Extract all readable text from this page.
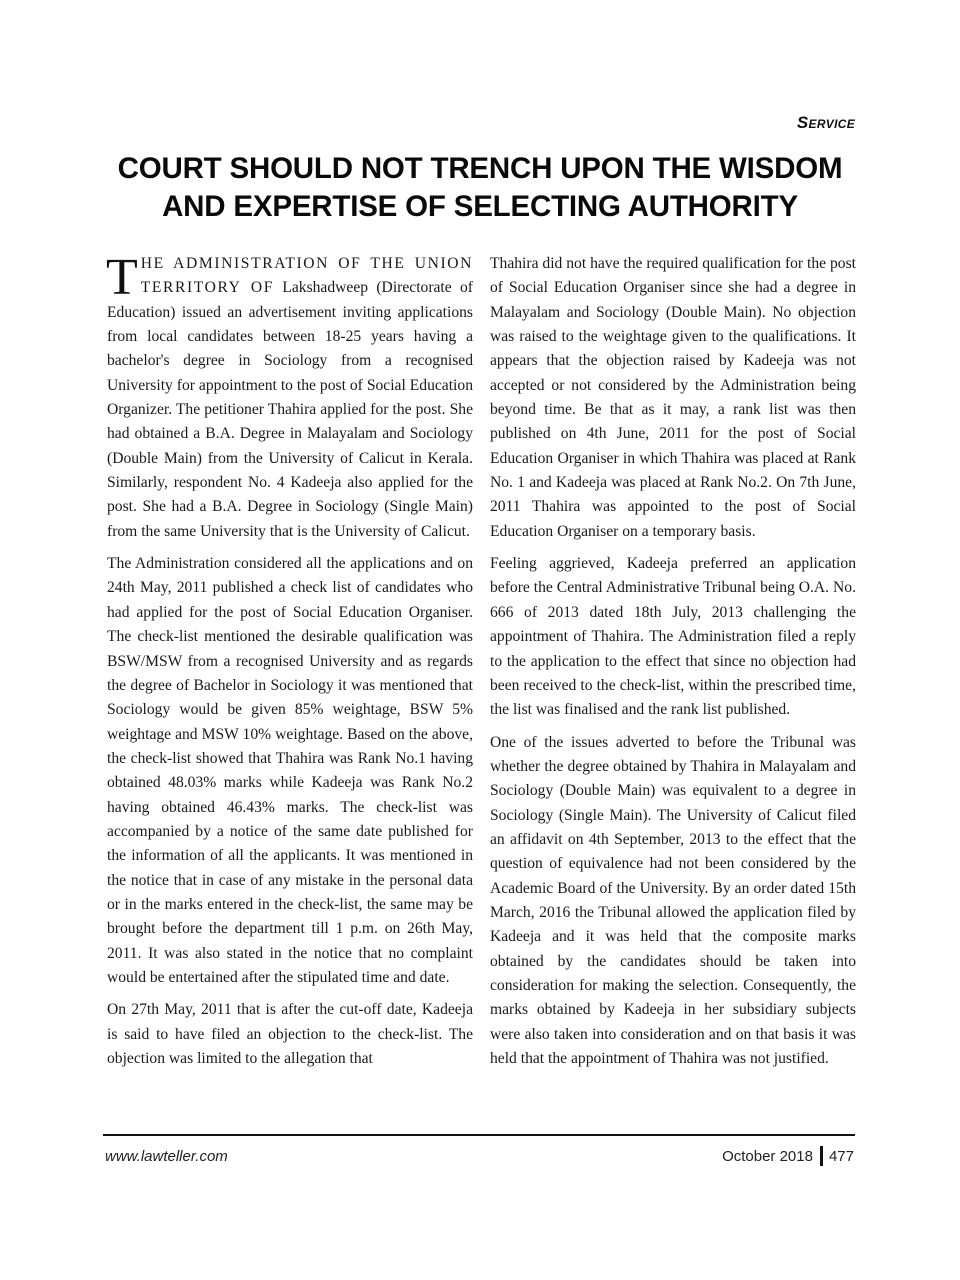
Service
COURT SHOULD NOT TRENCH UPON THE WISDOM
AND EXPERTISE OF SELECTING AUTHORITY

THE ADMINISTRATION OF THE UNION TERRITORY OF Lakshadweep (Directorate of Education) issued an advertisement inviting applications from local candidates between 18-25 years having a bachelor's degree in Sociology from a recognised University for appointment to the post of Social Education Organizer. The petitioner Thahira applied for the post. She had obtained a B.A. Degree in Malayalam and Sociology (Double Main) from the University of Calicut in Kerala. Similarly, respondent No. 4 Kadeeja also applied for the post. She had a B.A. Degree in Sociology (Single Main) from the same University that is the University of Calicut.

The Administration considered all the applications and on 24th May, 2011 published a check list of candidates who had applied for the post of Social Education Organiser. The check-list mentioned the desirable qualification was BSW/MSW from a recognised University and as regards the degree of Bachelor in Sociology it was mentioned that Sociology would be given 85% weightage, BSW 5% weightage and MSW 10% weightage. Based on the above, the check-list showed that Thahira was Rank No.1 having obtained 48.03% marks while Kadeeja was Rank No.2 having obtained 46.43% marks. The check-list was accompanied by a notice of the same date published for the information of all the applicants. It was mentioned in the notice that in case of any mistake in the personal data or in the marks entered in the check-list, the same may be brought before the department till 1 p.m. on 26th May, 2011. It was also stated in the notice that no complaint would be entertained after the stipulated time and date.

On 27th May, 2011 that is after the cut-off date, Kadeeja is said to have filed an objection to the check-list. The objection was limited to the allegation that

Thahira did not have the required qualification for the post of Social Education Organiser since she had a degree in Malayalam and Sociology (Double Main). No objection was raised to the weightage given to the qualifications. It appears that the objection raised by Kadeeja was not accepted or not considered by the Administration being beyond time. Be that as it may, a rank list was then published on 4th June, 2011 for the post of Social Education Organiser in which Thahira was placed at Rank No. 1 and Kadeeja was placed at Rank No.2. On 7th June, 2011 Thahira was appointed to the post of Social Education Organiser on a temporary basis.

Feeling aggrieved, Kadeeja preferred an application before the Central Administrative Tribunal being O.A. No. 666 of 2013 dated 18th July, 2013 challenging the appointment of Thahira. The Administration filed a reply to the application to the effect that since no objection had been received to the check-list, within the prescribed time, the list was finalised and the rank list published.

One of the issues adverted to before the Tribunal was whether the degree obtained by Thahira in Malayalam and Sociology (Double Main) was equivalent to a degree in Sociology (Single Main). The University of Calicut filed an affidavit on 4th September, 2013 to the effect that the question of equivalence had not been considered by the Academic Board of the University. By an order dated 15th March, 2016 the Tribunal allowed the application filed by Kadeeja and it was held that the composite marks obtained by the candidates should be taken into consideration for making the selection. Consequently, the marks obtained by Kadeeja in her subsidiary subjects were also taken into consideration and on that basis it was held that the appointment of Thahira was not justified.

www.lawteller.com	October 2018 477
